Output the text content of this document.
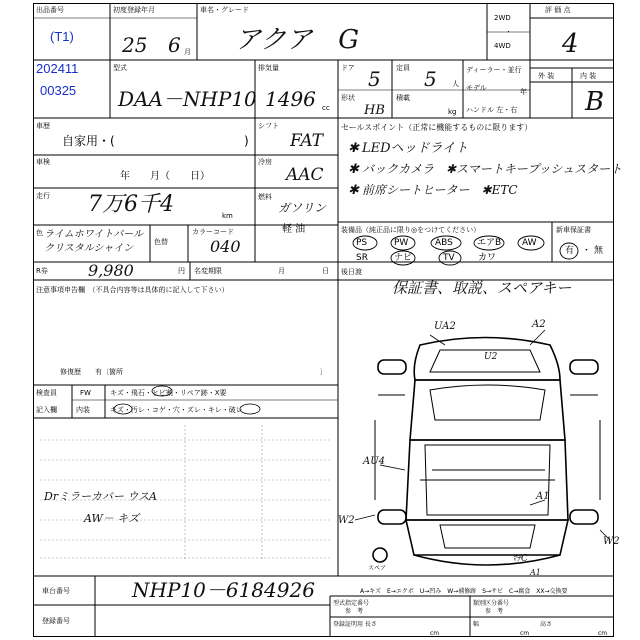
出品番号	初度登録年月	車名・グレード
2WD
・
4WD
評 価 点
(T1)
202411
00325
25 6 月 アクア　G	4
型式
DAA－NHP10
排気量
1496 cc
ドア 5 定員 5 人
ディーラー・並行
モデル	年
ハンドル 左・右
外 装	内 装
B
形状
HB
積載
kg
車歴
自家用・(	)
シフト
FAT
セールスポイント（正常に機能するものに限ります）
車検
年　　月（　　日）
冷房
AAC
走行 7万6千4	km
燃料
ガソリン
軽 油
色 ライムホワイトパール
クリスタルシャイン
色替
カラーコード
040
✱ LEDヘッドライト
✱ バックカメラ　✱スマートキープッシュスタート
✱ 前席シートヒーター　✱ETC
装備品（純正品に限り◎をつけてください）	新車保証書
PS	PW	ABS	エアB AW
SR	ナビ	TV	カワ
有 ・ 無
R券	9,980	円 名変期限	月	日 後日渡
保証書、取説、スペアキー
注意事項申告欄　（不具合内容等は具体的に記入して下さい）
修復歴　　有〔箇所	〕
検査員
記入欄
FW
内装
キズ・飛石・ヒビ割・リペア跡・X要
キズ・汚レ・コゲ・穴・ズレ・キレ・破レ
Drミラーカバー ウスA
AW－ キズ
UA2	A2
U2
AU4
A1
W2
W2
ﾏﾁC
A1
スペア
車台番号	NHP10－6184926
登録番号
A→キズ　E→エクボ　U→凹み　W→補修跡　S→サビ　C→腐食　XX→交換要
型式指定番号
参　考
類別区分番号
参　考
登録証明用 長さ
cm
幅
cm
高さ
cm
